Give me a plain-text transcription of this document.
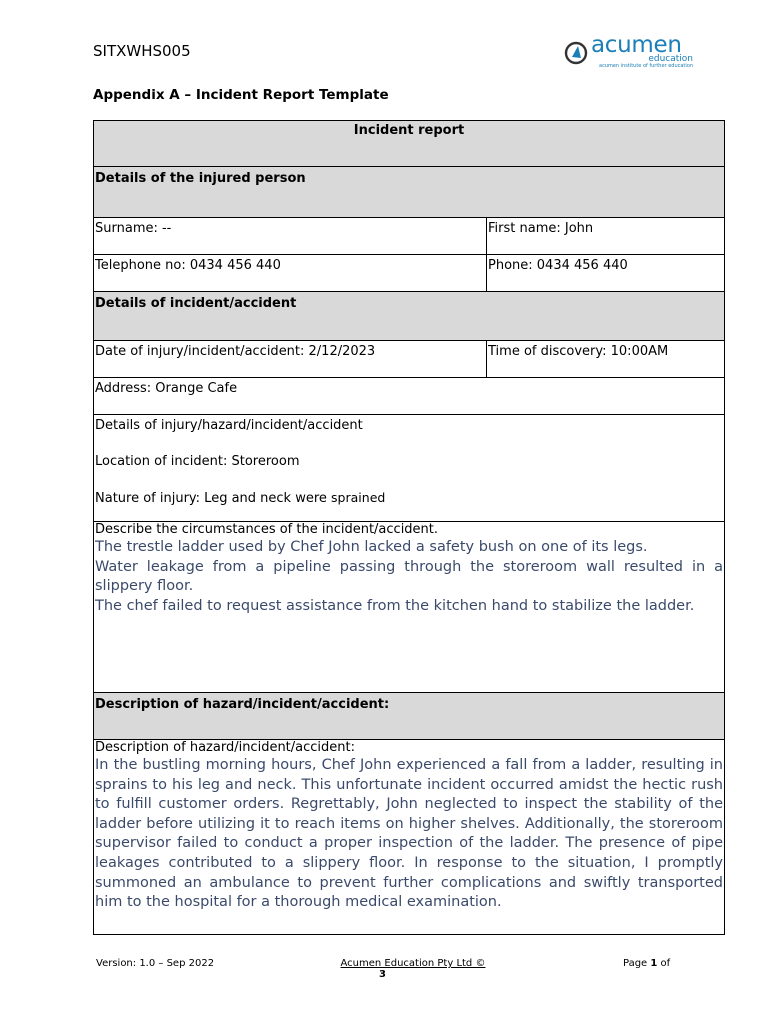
SITXWHS005	acumen
education
acumen institute of further education
Appendix A – Incident Report Template
Incident report	
Details of the injured person	
Surname: --	First name: John
Telephone no: 0434 456 440	Phone: 0434 456 440
Details of incident/accident	
Date of injury/incident/accident: 2/12/2023	Time of discovery: 10:00AM
Address: Orange Cafe	

Details of injury/hazard/incident/accident
Location of incident: Storeroom
Nature of injury: Leg and neck were sprained	

Describe the circumstances of the incident/accident.

The trestle ladder used by Chef John lacked a safety bush on one of its legs.

Water leakage from a pipeline passing through the storeroom wall resulted in a slippery floor.

The chef failed to request assistance from the kitchen hand to stabilize the ladder.	

Description of hazard/incident/accident:	

Description of hazard/incident/accident:
In the bustling morning hours, Chef John experienced a fall from a ladder, resulting in sprains to his leg and neck. This unfortunate incident occurred amidst the hectic rush to fulfill customer orders. Regrettably, John neglected to inspect the stability of the ladder before utilizing it to reach items on higher shelves. Additionally, the storeroom supervisor failed to conduct a proper inspection of the ladder. The presence of pipe leakages contributed to a slippery floor. In response to the situation, I promptly summoned an ambulance to prevent further complications and swiftly transported him to the hospital for a thorough medical examination.	
Version: 1.0 – Sep 2022	Acumen Education Pty Ltd ©
3
Page 1 of
